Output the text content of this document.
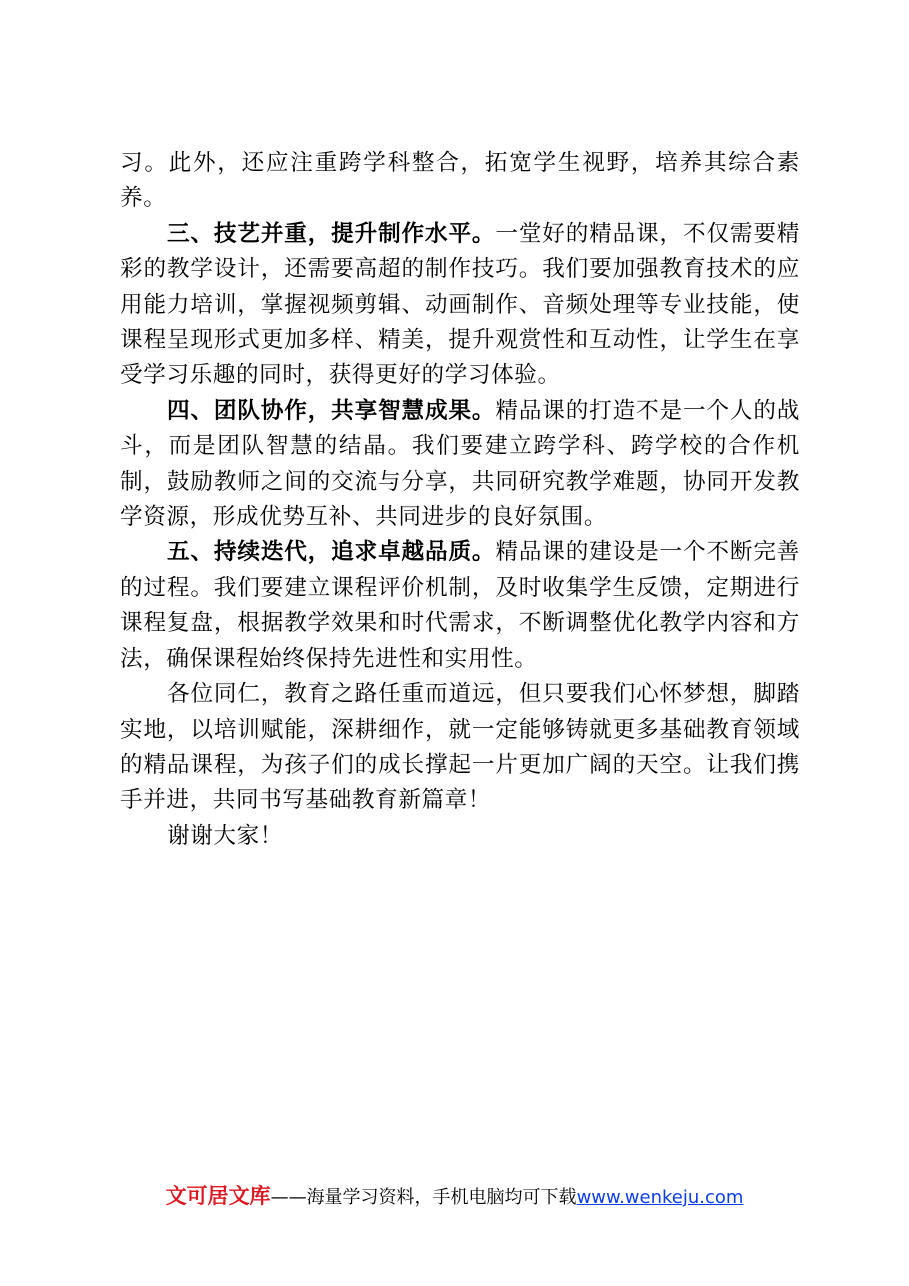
习。此外，还应注重跨学科整合，拓宽学生视野，培养其综合素养。

三、技艺并重，提升制作水平。一堂好的精品课，不仅需要精彩的教学设计，还需要高超的制作技巧。我们要加强教育技术的应用能力培训，掌握视频剪辑、动画制作、音频处理等专业技能，使课程呈现形式更加多样、精美，提升观赏性和互动性，让学生在享受学习乐趣的同时，获得更好的学习体验。

四、团队协作，共享智慧成果。精品课的打造不是一个人的战斗，而是团队智慧的结晶。我们要建立跨学科、跨学校的合作机制，鼓励教师之间的交流与分享，共同研究教学难题，协同开发教学资源，形成优势互补、共同进步的良好氛围。

五、持续迭代，追求卓越品质。精品课的建设是一个不断完善的过程。我们要建立课程评价机制，及时收集学生反馈，定期进行课程复盘，根据教学效果和时代需求，不断调整优化教学内容和方法，确保课程始终保持先进性和实用性。

各位同仁，教育之路任重而道远，但只要我们心怀梦想，脚踏实地，以培训赋能，深耕细作，就一定能够铸就更多基础教育领域的精品课程，为孩子们的成长撑起一片更加广阔的天空。让我们携手并进，共同书写基础教育新篇章！

谢谢大家！

文可居文库——海量学习资料，手机电脑均可下载www.wenkeju.com
